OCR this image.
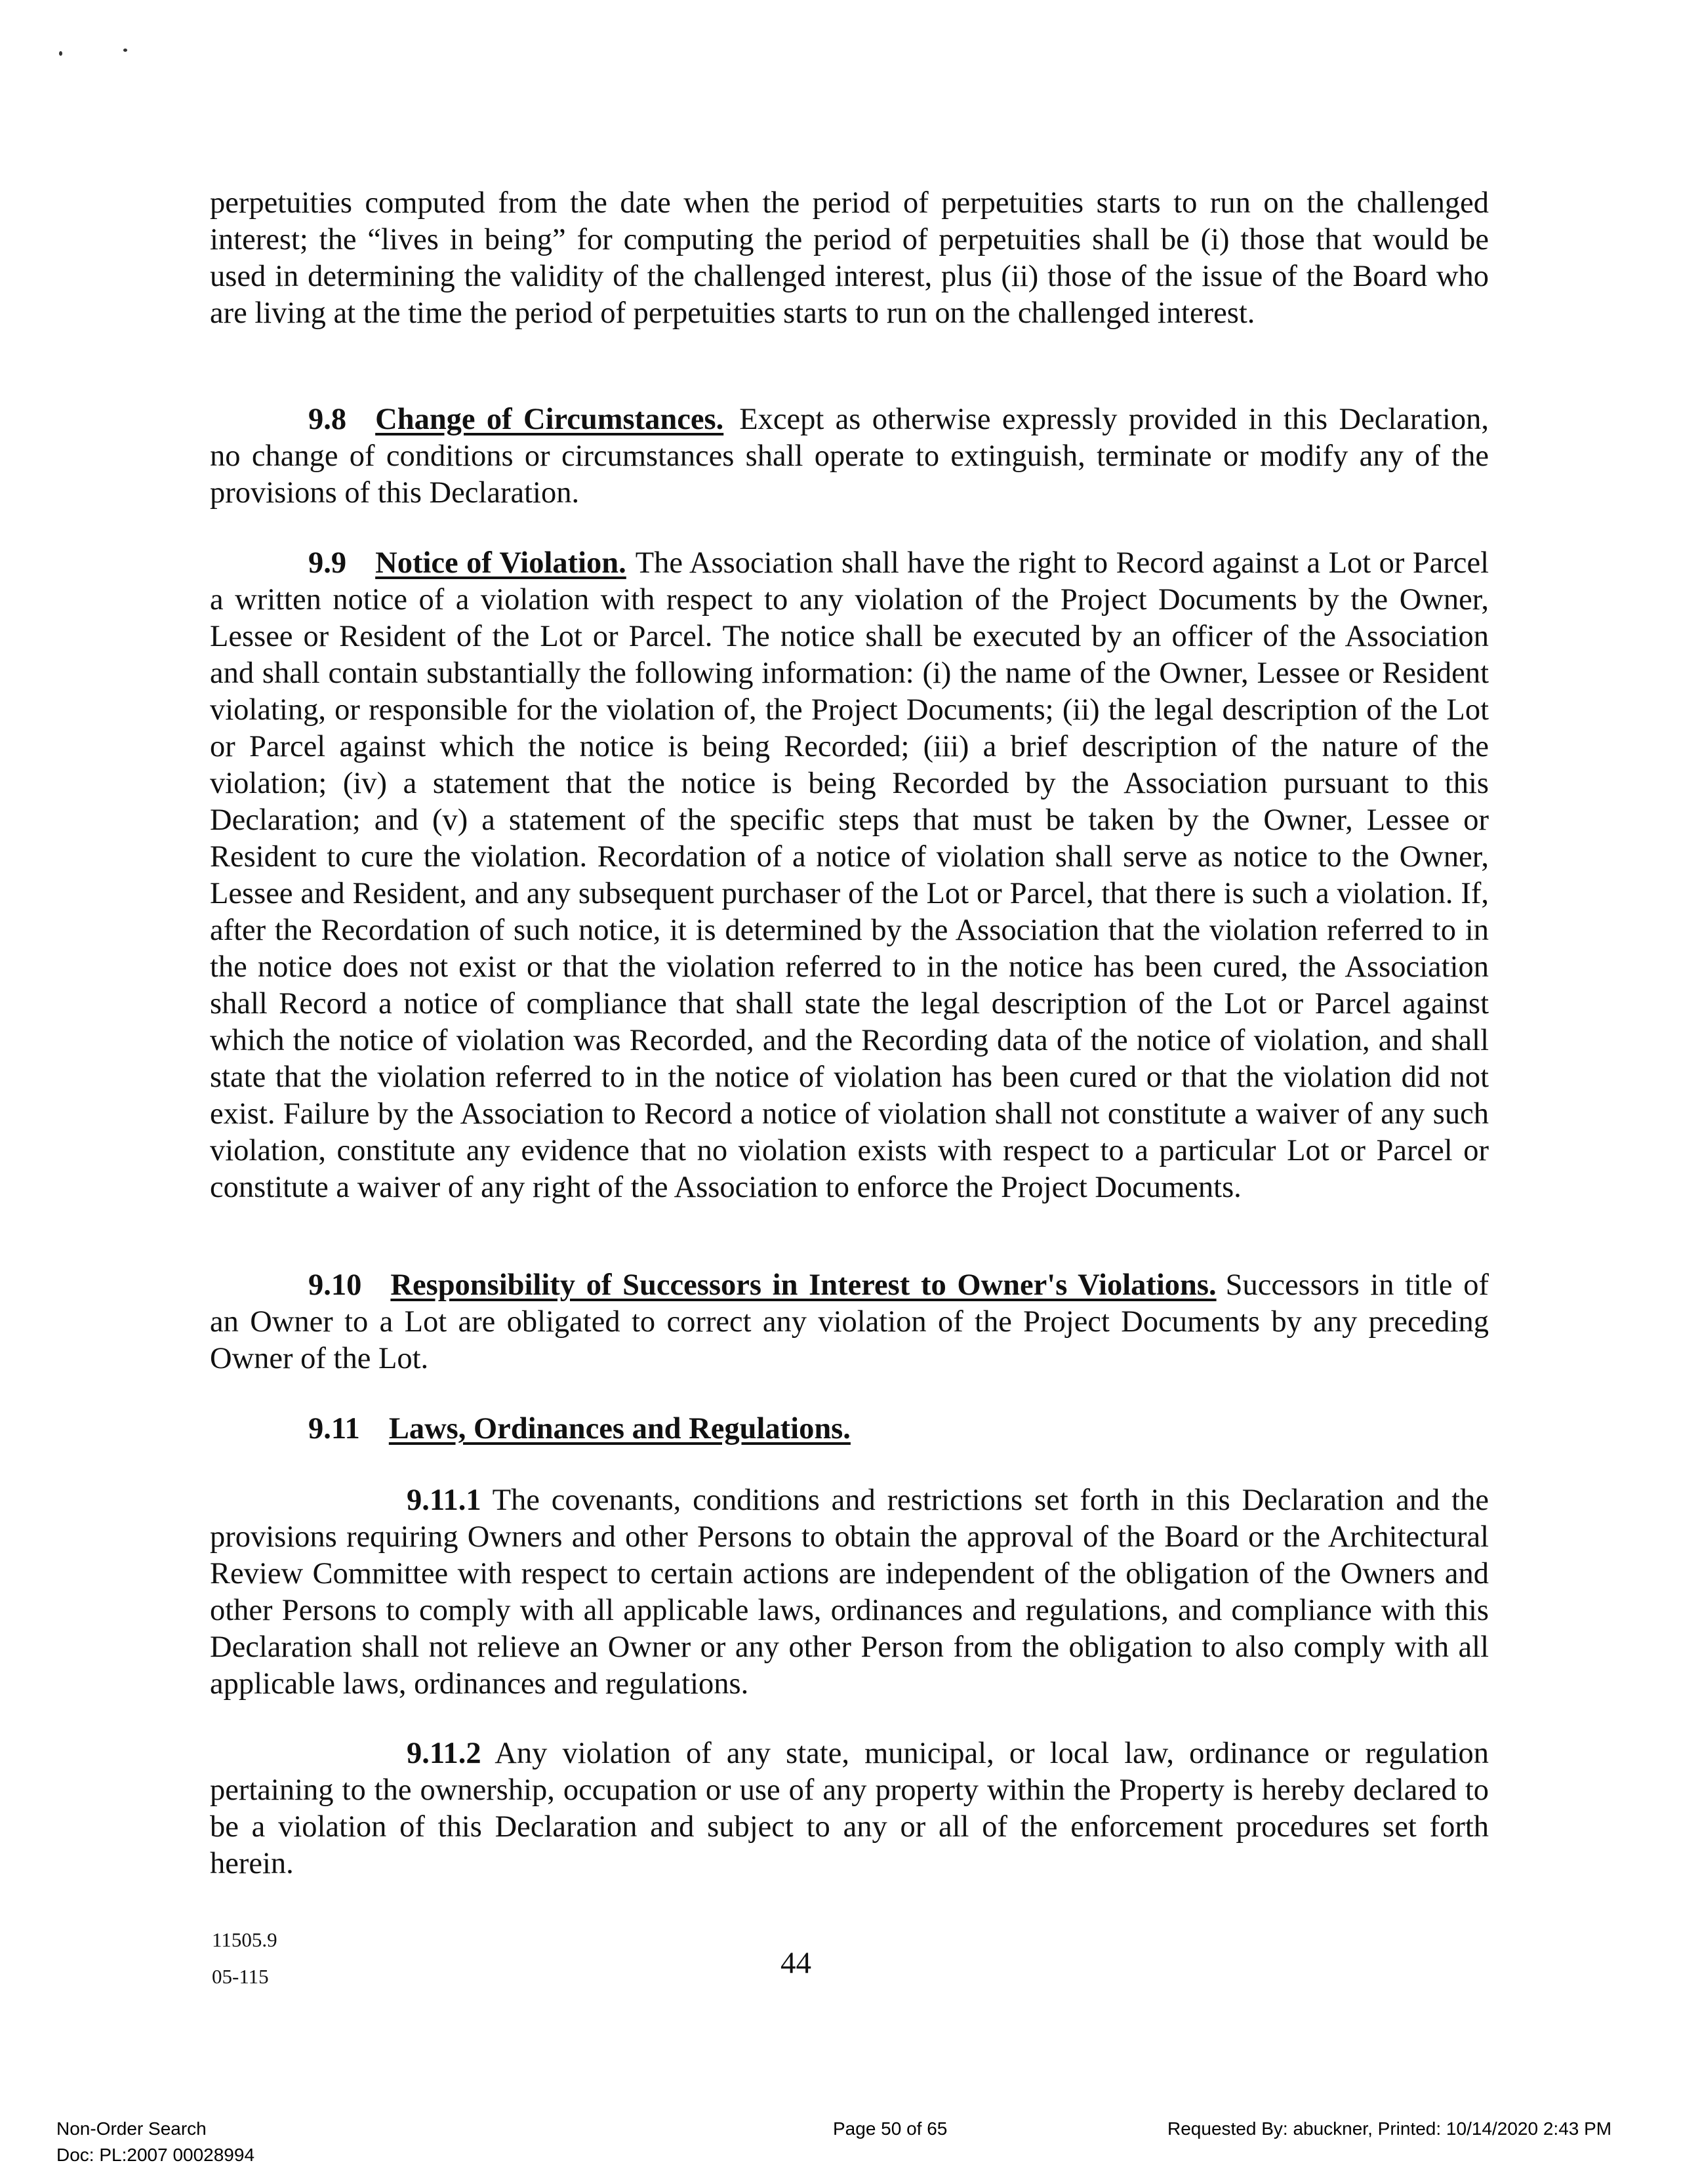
perpetuities computed from the date when the period of perpetuities starts to run on the challenged interest; the “lives in being” for computing the period of perpetuities shall be (i) those that would be used in determining the validity of the challenged interest, plus (ii) those of the issue of the Board who are living at the time the period of perpetuities starts to run on the challenged interest.

9.8 Change of Circumstances. Except as otherwise expressly provided in this Declaration, no change of conditions or circumstances shall operate to extinguish, terminate or modify any of the provisions of this Declaration.

9.9 Notice of Violation. The Association shall have the right to Record against a Lot or Parcel a written notice of a violation with respect to any violation of the Project Documents by the Owner, Lessee or Resident of the Lot or Parcel. The notice shall be executed by an officer of the Association and shall contain substantially the following information: (i) the name of the Owner, Lessee or Resident violating, or responsible for the violation of, the Project Documents; (ii) the legal description of the Lot or Parcel against which the notice is being Recorded; (iii) a brief description of the nature of the violation; (iv) a statement that the notice is being Recorded by the Association pursuant to this Declaration; and (v) a statement of the specific steps that must be taken by the Owner, Lessee or Resident to cure the violation. Recordation of a notice of violation shall serve as notice to the Owner, Lessee and Resident, and any subsequent purchaser of the Lot or Parcel, that there is such a violation. If, after the Recordation of such notice, it is determined by the Association that the violation referred to in the notice does not exist or that the violation referred to in the notice has been cured, the Association shall Record a notice of compliance that shall state the legal description of the Lot or Parcel against which the notice of violation was Recorded, and the Recording data of the notice of violation, and shall state that the violation referred to in the notice of violation has been cured or that the violation did not exist. Failure by the Association to Record a notice of violation shall not constitute a waiver of any such violation, constitute any evidence that no violation exists with respect to a particular Lot or Parcel or constitute a waiver of any right of the Association to enforce the Project Documents.

9.10 Responsibility of Successors in Interest to Owner's Violations. Successors in title of an Owner to a Lot are obligated to correct any violation of the Project Documents by any preceding Owner of the Lot.

9.11 Laws, Ordinances and Regulations.

9.11.1 The covenants, conditions and restrictions set forth in this Declaration and the provisions requiring Owners and other Persons to obtain the approval of the Board or the Architectural Review Committee with respect to certain actions are independent of the obligation of the Owners and other Persons to comply with all applicable laws, ordinances and regulations, and compliance with this Declaration shall not relieve an Owner or any other Person from the obligation to also comply with all applicable laws, ordinances and regulations.

9.11.2 Any violation of any state, municipal, or local law, ordinance or regulation pertaining to the ownership, occupation or use of any property within the Property is hereby declared to be a violation of this Declaration and subject to any or all of the enforcement procedures set forth herein.

11505.9
05-115	44
Non-Order Search
Doc: PL:2007 00028994
Page 50 of 65	Requested By: abuckner, Printed: 10/14/2020 2:43 PM
